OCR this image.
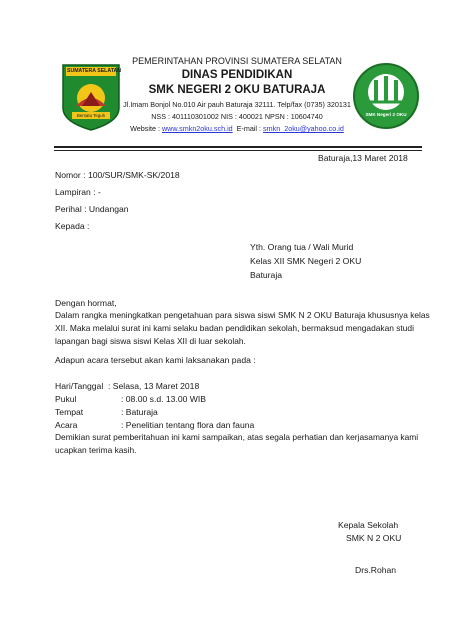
SUMATERA SELATAN
Bersatu Teguh	SMK Negeri 2 OKU
PEMERINTAHAN PROVINSI SUMATERA SELATAN
DINAS PENDIDIKAN
SMK NEGERI 2 OKU BATURAJA
Jl.Imam Bonjol No.010 Air pauh Baturaja 32111. Telp/fax (0735) 320131
NSS : 401110301002 NIS : 400021 NPSN : 10604740
Website : www.smkn2oku.sch.id  E-mail : smkn_2oku@yahoo.co.id
Baturaja,13 Maret 2018
Nomor : 100/SUR/SMK-SK/2018
Lampiran : -
Perihal : Undangan
Kepada :
Yth. Orang tua / Wali Murid
Kelas XII SMK Negeri 2 OKU
Baturaja
Dengan hormat,
Dalam rangka meningkatkan pengetahuan para siswa siswi SMK N 2 OKU Baturaja khususnya kelas
XII. Maka melalui surat ini kami selaku badan pendidikan sekolah, bermaksud mengadakan studi
lapangan bagi siswa siswi Kelas XII di luar sekolah.
Adapun acara tersebut akan kami laksanakan pada :
Hari/Tanggal : Selasa, 13 Maret 2018
Pukul	: 08.00 s.d. 13.00 WIB
Tempat	: Baturaja
Acara	: Penelitian tentang flora dan fauna
Demikian surat pemberitahuan ini kami sampaikan, atas segala perhatian dan kerjasamanya kami
ucapkan terima kasih.
Kepala Sekolah
SMK N 2 OKU
Drs.Rohan
